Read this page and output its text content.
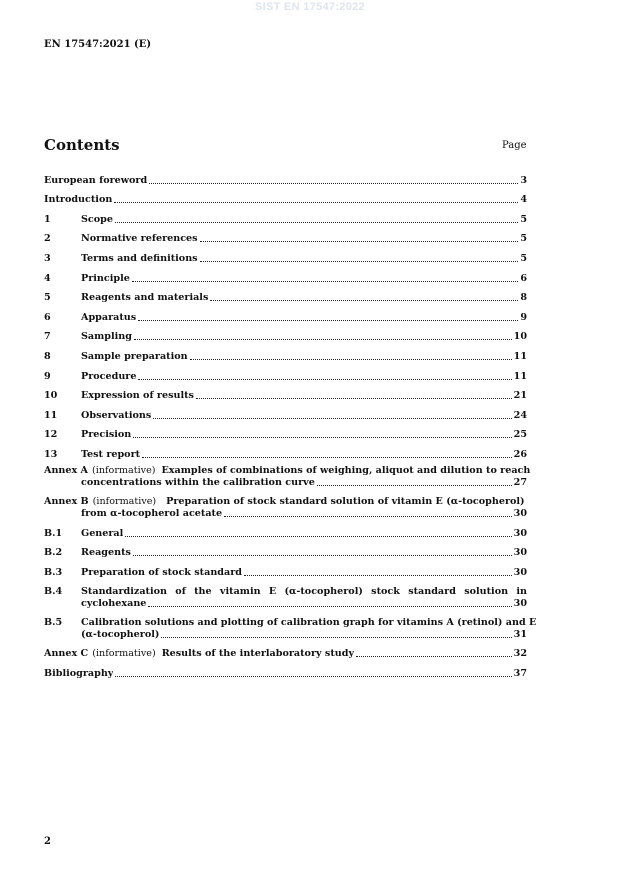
SIST EN 17547:2022
EN 17547:2021 (E)
Contents	Page
European foreword	3
Introduction	4
1	Scope	5
2	Normative references	5
3	Terms and definitions	5
4	Principle	6
5	Reagents and materials	8
6	Apparatus	9
7	Sampling	10
8	Sample preparation	11
9	Procedure	11
10	Expression of results	21
11	Observations	24
12	Precision	25
13	Test report	26
Annex A (informative) Examples of combinations of weighing, aliquot and dilution to reach
concentrations within the calibration curve	27
Annex B (informative) Preparation of stock standard solution of vitamin E (α-tocopherol)
from α-tocopherol acetate	30
B.1	General	30
B.2	Reagents	30
B.3	Preparation of stock standard	30
B.4	Standardization of the vitamin E (α-tocopherol) stock standard solution in
cyclohexane	30
B.5	Calibration solutions and plotting of calibration graph for vitamins A (retinol) and E
(α-tocopherol)	31
Annex C (informative) Results of the interlaboratory study	32
Bibliography	37
2
